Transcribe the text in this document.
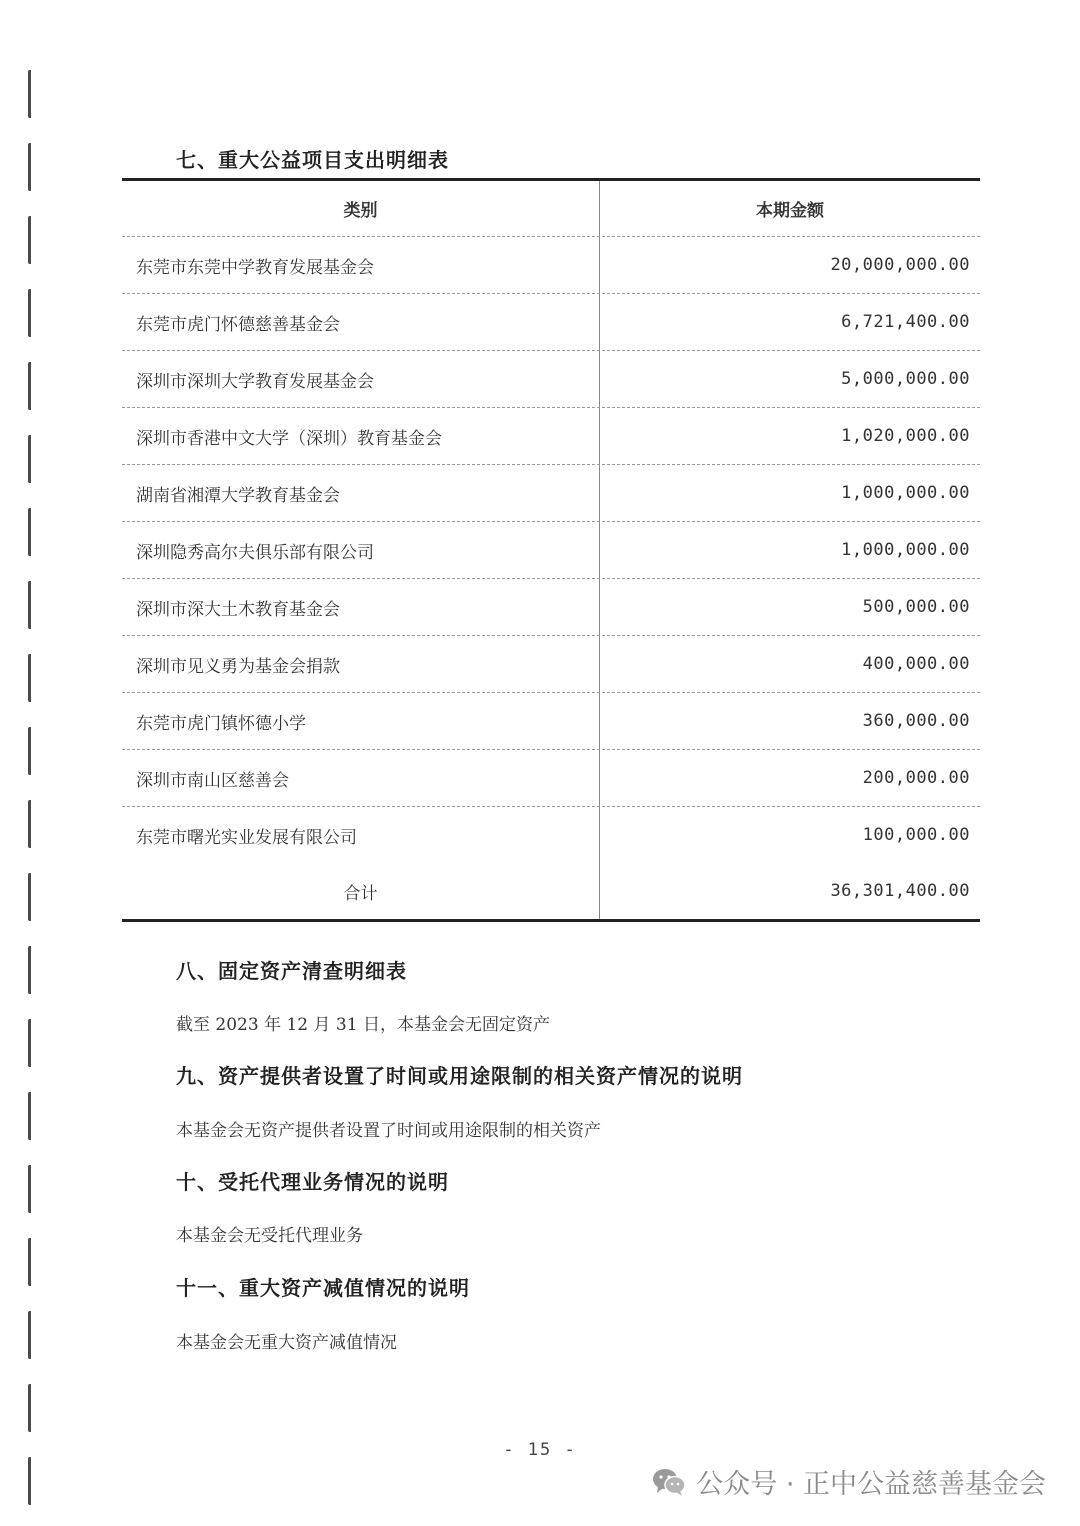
七、重大公益项目支出明细表
类别	本期金额
东莞市东莞中学教育发展基金会	20,000,000.00
东莞市虎门怀德慈善基金会	6,721,400.00
深圳市深圳大学教育发展基金会	5,000,000.00
深圳市香港中文大学（深圳）教育基金会	1,020,000.00
湖南省湘潭大学教育基金会	1,000,000.00
深圳隐秀高尔夫俱乐部有限公司	1,000,000.00
深圳市深大土木教育基金会	500,000.00
深圳市见义勇为基金会捐款	400,000.00
东莞市虎门镇怀德小学	360,000.00
深圳市南山区慈善会	200,000.00
东莞市曙光实业发展有限公司	100,000.00
合计	36,301,400.00
八、固定资产清查明细表

截至 2023 年 12 月 31 日，本基金会无固定资产

九、资产提供者设置了时间或用途限制的相关资产情况的说明

本基金会无资产提供者设置了时间或用途限制的相关资产

十、受托代理业务情况的说明

本基金会无受托代理业务

十一、重大资产减值情况的说明

本基金会无重大资产减值情况

- 15 -
公众号 · 正中公益慈善基金会
